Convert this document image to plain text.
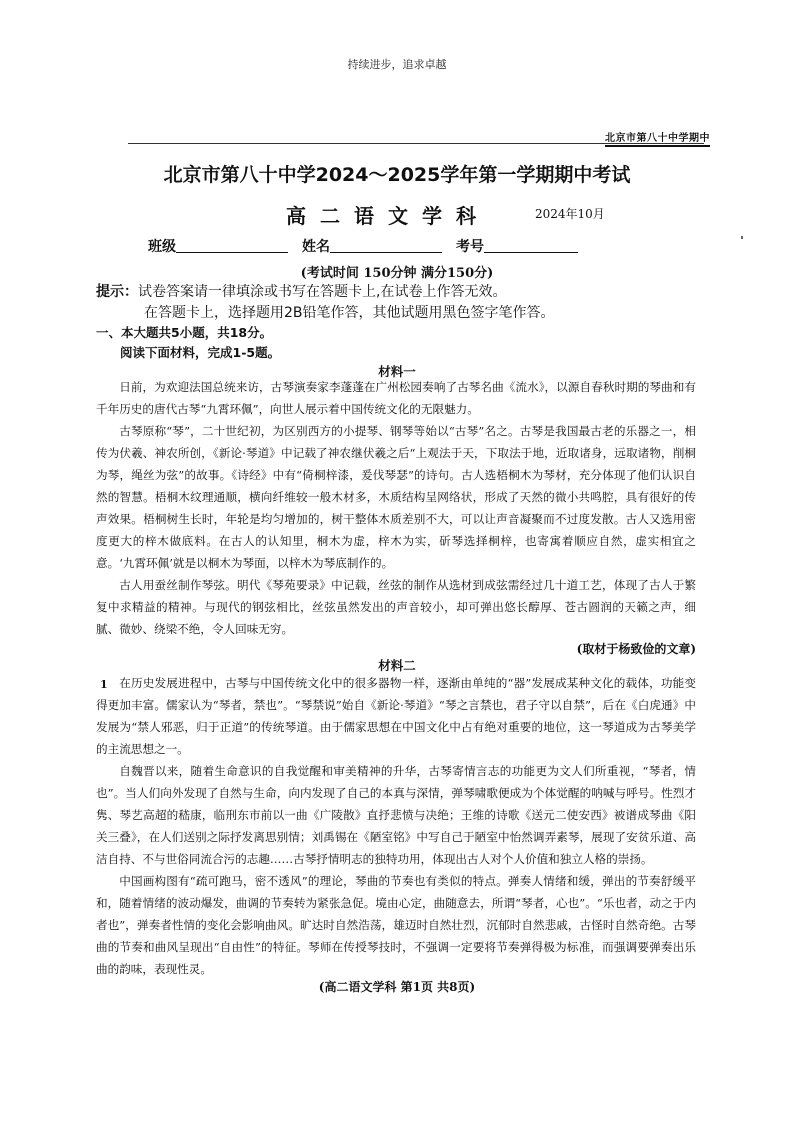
持续进步，追求卓越
北京市第八十中学期中
北京市第八十中学2024～2025学年第一学期期中考试
高二语文学科	2024年10月
班级	姓名	考号
(考试时间 150分钟 满分150分)
提示：试卷答案请一律填涂或书写在答题卡上,在试卷上作答无效。
在答题卡上，选择题用2B铅笔作答，其他试题用黑色签字笔作答。
一、本大题共5小题，共18分。
阅读下面材料，完成1-5题。
材料一

日前，为欢迎法国总统来访，古琴演奏家李蓬蓬在广州松园奏响了古琴名曲《流水》，以源自春秋时期的琴曲和有千年历史的唐代古琴“九霄环佩”，向世人展示着中国传统文化的无限魅力。

古琴原称“琴”，二十世纪初，为区别西方的小提琴、钢琴等始以“古琴”名之。古琴是我国最古老的乐器之一，相传为伏羲、神农所创，《新论·琴道》中记载了神农继伏羲之后“上观法于天，下取法于地，近取诸身，远取诸物，削桐为琴，绳丝为弦”的故事。《诗经》中有“倚桐梓漆，爰伐琴瑟”的诗句。古人选梧桐木为琴材，充分体现了他们认识自然的智慧。梧桐木纹理通顺，横向纤维较一般木材多，木质结构呈网络状，形成了天然的微小共鸣腔，具有很好的传声效果。梧桐树生长时，年轮是均匀增加的，树干整体木质差别不大，可以让声音凝聚而不过度发散。古人又选用密度更大的梓木做底料。在古人的认知里，桐木为虚，梓木为实，斫琴选择桐梓，也寄寓着顺应自然，虚实相宜之意。‘九霄环佩’就是以桐木为琴面，以梓木为琴底制作的。

古人用蚕丝制作琴弦。明代《琴苑要录》中记载，丝弦的制作从选材到成弦需经过几十道工艺，体现了古人于繁复中求精益的精神。与现代的钢弦相比，丝弦虽然发出的声音较小，却可弹出悠长醇厚、苍古圆润的天籁之声，细腻、微妙、绕梁不绝，令人回味无穷。

(取材于杨致俭的文章)
材料二
1 在历史发展进程中，古琴与中国传统文化中的很多器物一样，逐渐由单纯的“器”发展成某种文化的载体，功能变得更加丰富。儒家认为“琴者，禁也”。“琴禁说”始自《新论·琴道》“琴之言禁也，君子守以自禁”，后在《白虎通》中发展为“禁人邪恶，归于正道”的传统琴道。由于儒家思想在中国文化中占有绝对重要的地位，这一琴道成为古琴美学的主流思想之一。

自魏晋以来，随着生命意识的自我觉醒和审美精神的升华，古琴寄情言志的功能更为文人们所重视，“琴者，情也”。当人们向外发现了自然与生命，向内发现了自己的本真与深情，弹琴啸歌便成为个体觉醒的呐喊与呼号。性烈才隽、琴艺高超的嵇康，临刑东市前以一曲《广陵散》直抒悲愤与决绝；王维的诗歌《送元二使安西》被谱成琴曲《阳关三叠》，在人们送别之际抒发离思别情；刘禹锡在《陋室铭》中写自己于陋室中怡然调弄素琴，展现了安贫乐道、高洁自持、不与世俗同流合污的志趣……古琴抒情明志的独特功用，体现出古人对个人价值和独立人格的崇扬。

中国画构图有“疏可跑马，密不透风”的理论，琴曲的节奏也有类似的特点。弹奏人情绪和缓，弹出的节奏舒缓平和，随着情绪的波动爆发，曲调的节奏转为紧张急促。境由心定，曲随意去，所谓“琴者，心也”。“乐也者，动之于内者也”，弹奏者性情的变化会影响曲风。旷达时自然浩荡，雄迈时自然壮烈，沉郁时自然悲戚，古怪时自然奇绝。古琴曲的节奏和曲风呈现出“自由性”的特征。琴师在传授琴技时，不强调一定要将节奏弹得极为标准，而强调要弹奏出乐曲的韵味，表现性灵。

(高二语文学科 第1页 共8页)
